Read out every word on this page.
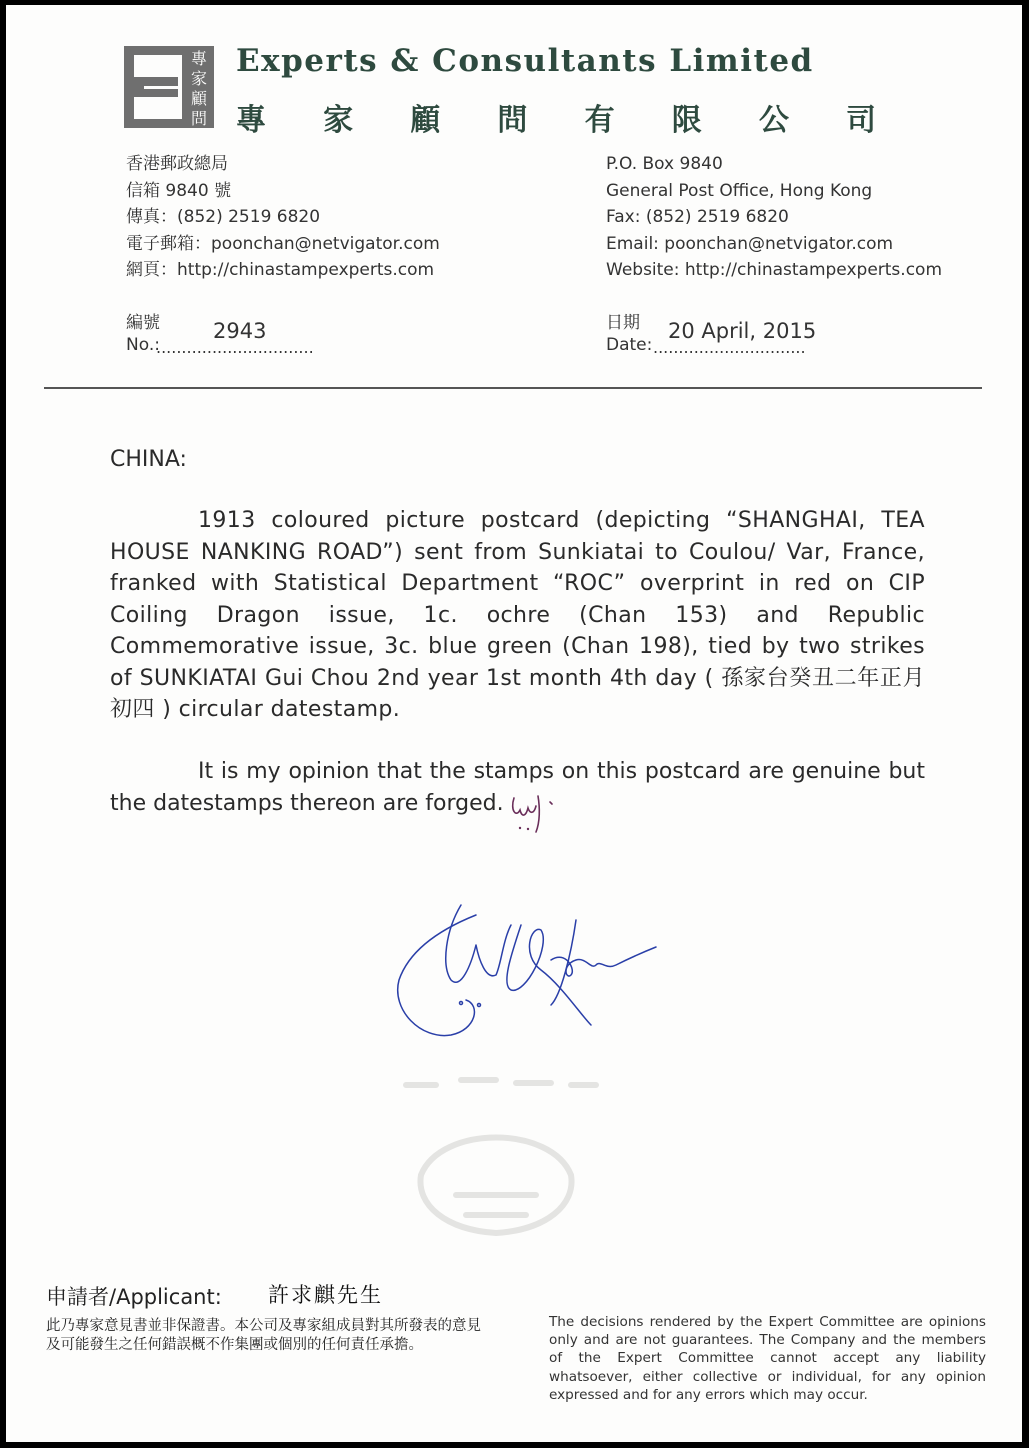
專
家
顧
問
Experts & Consultants Limited
專 家 顧 問 有 限 公 司
香港郵政總局
信箱 9840 號
傳真：(852) 2519 6820
電子郵箱：poonchan@netvigator.com
網頁：http://chinastampexperts.com
P.O. Box 9840
General Post Office, Hong Kong
Fax: (852) 2519 6820
Email: poonchan@netvigator.com
Website: http://chinastampexperts.com
編號
No.:
2943
...............................
日期
Date:
20 April, 2015
..............................
CHINA:
1913 coloured picture postcard (depicting “SHANGHAI, TEA HOUSE NANKING ROAD”) sent from Sunkiatai to Coulou/ Var, France, franked with Statistical Department “ROC” overprint in red on CIP Coiling Dragon issue, 1c. ochre (Chan 153) and Republic Commemorative issue, 3c. blue green (Chan 198), tied by two strikes of SUNKIATAI Gui Chou 2nd year 1st month 4th day ( 孫家台癸丑二年正月初四 ) circular datestamp.
It is my opinion that the stamps on this postcard are genuine but the datestamps thereon are forged.
申請者/Applicant: 許求麒先生
此乃專家意見書並非保證書。本公司及專家組成員對其所發表的意見及可能發生之任何錯誤概不作集團或個別的任何責任承擔。
The decisions rendered by the Expert Committee are opinions only and are not guarantees. The Company and the members of the Expert Committee cannot accept any liability whatsoever, either collective or individual, for any opinion expressed and for any errors which may occur.
